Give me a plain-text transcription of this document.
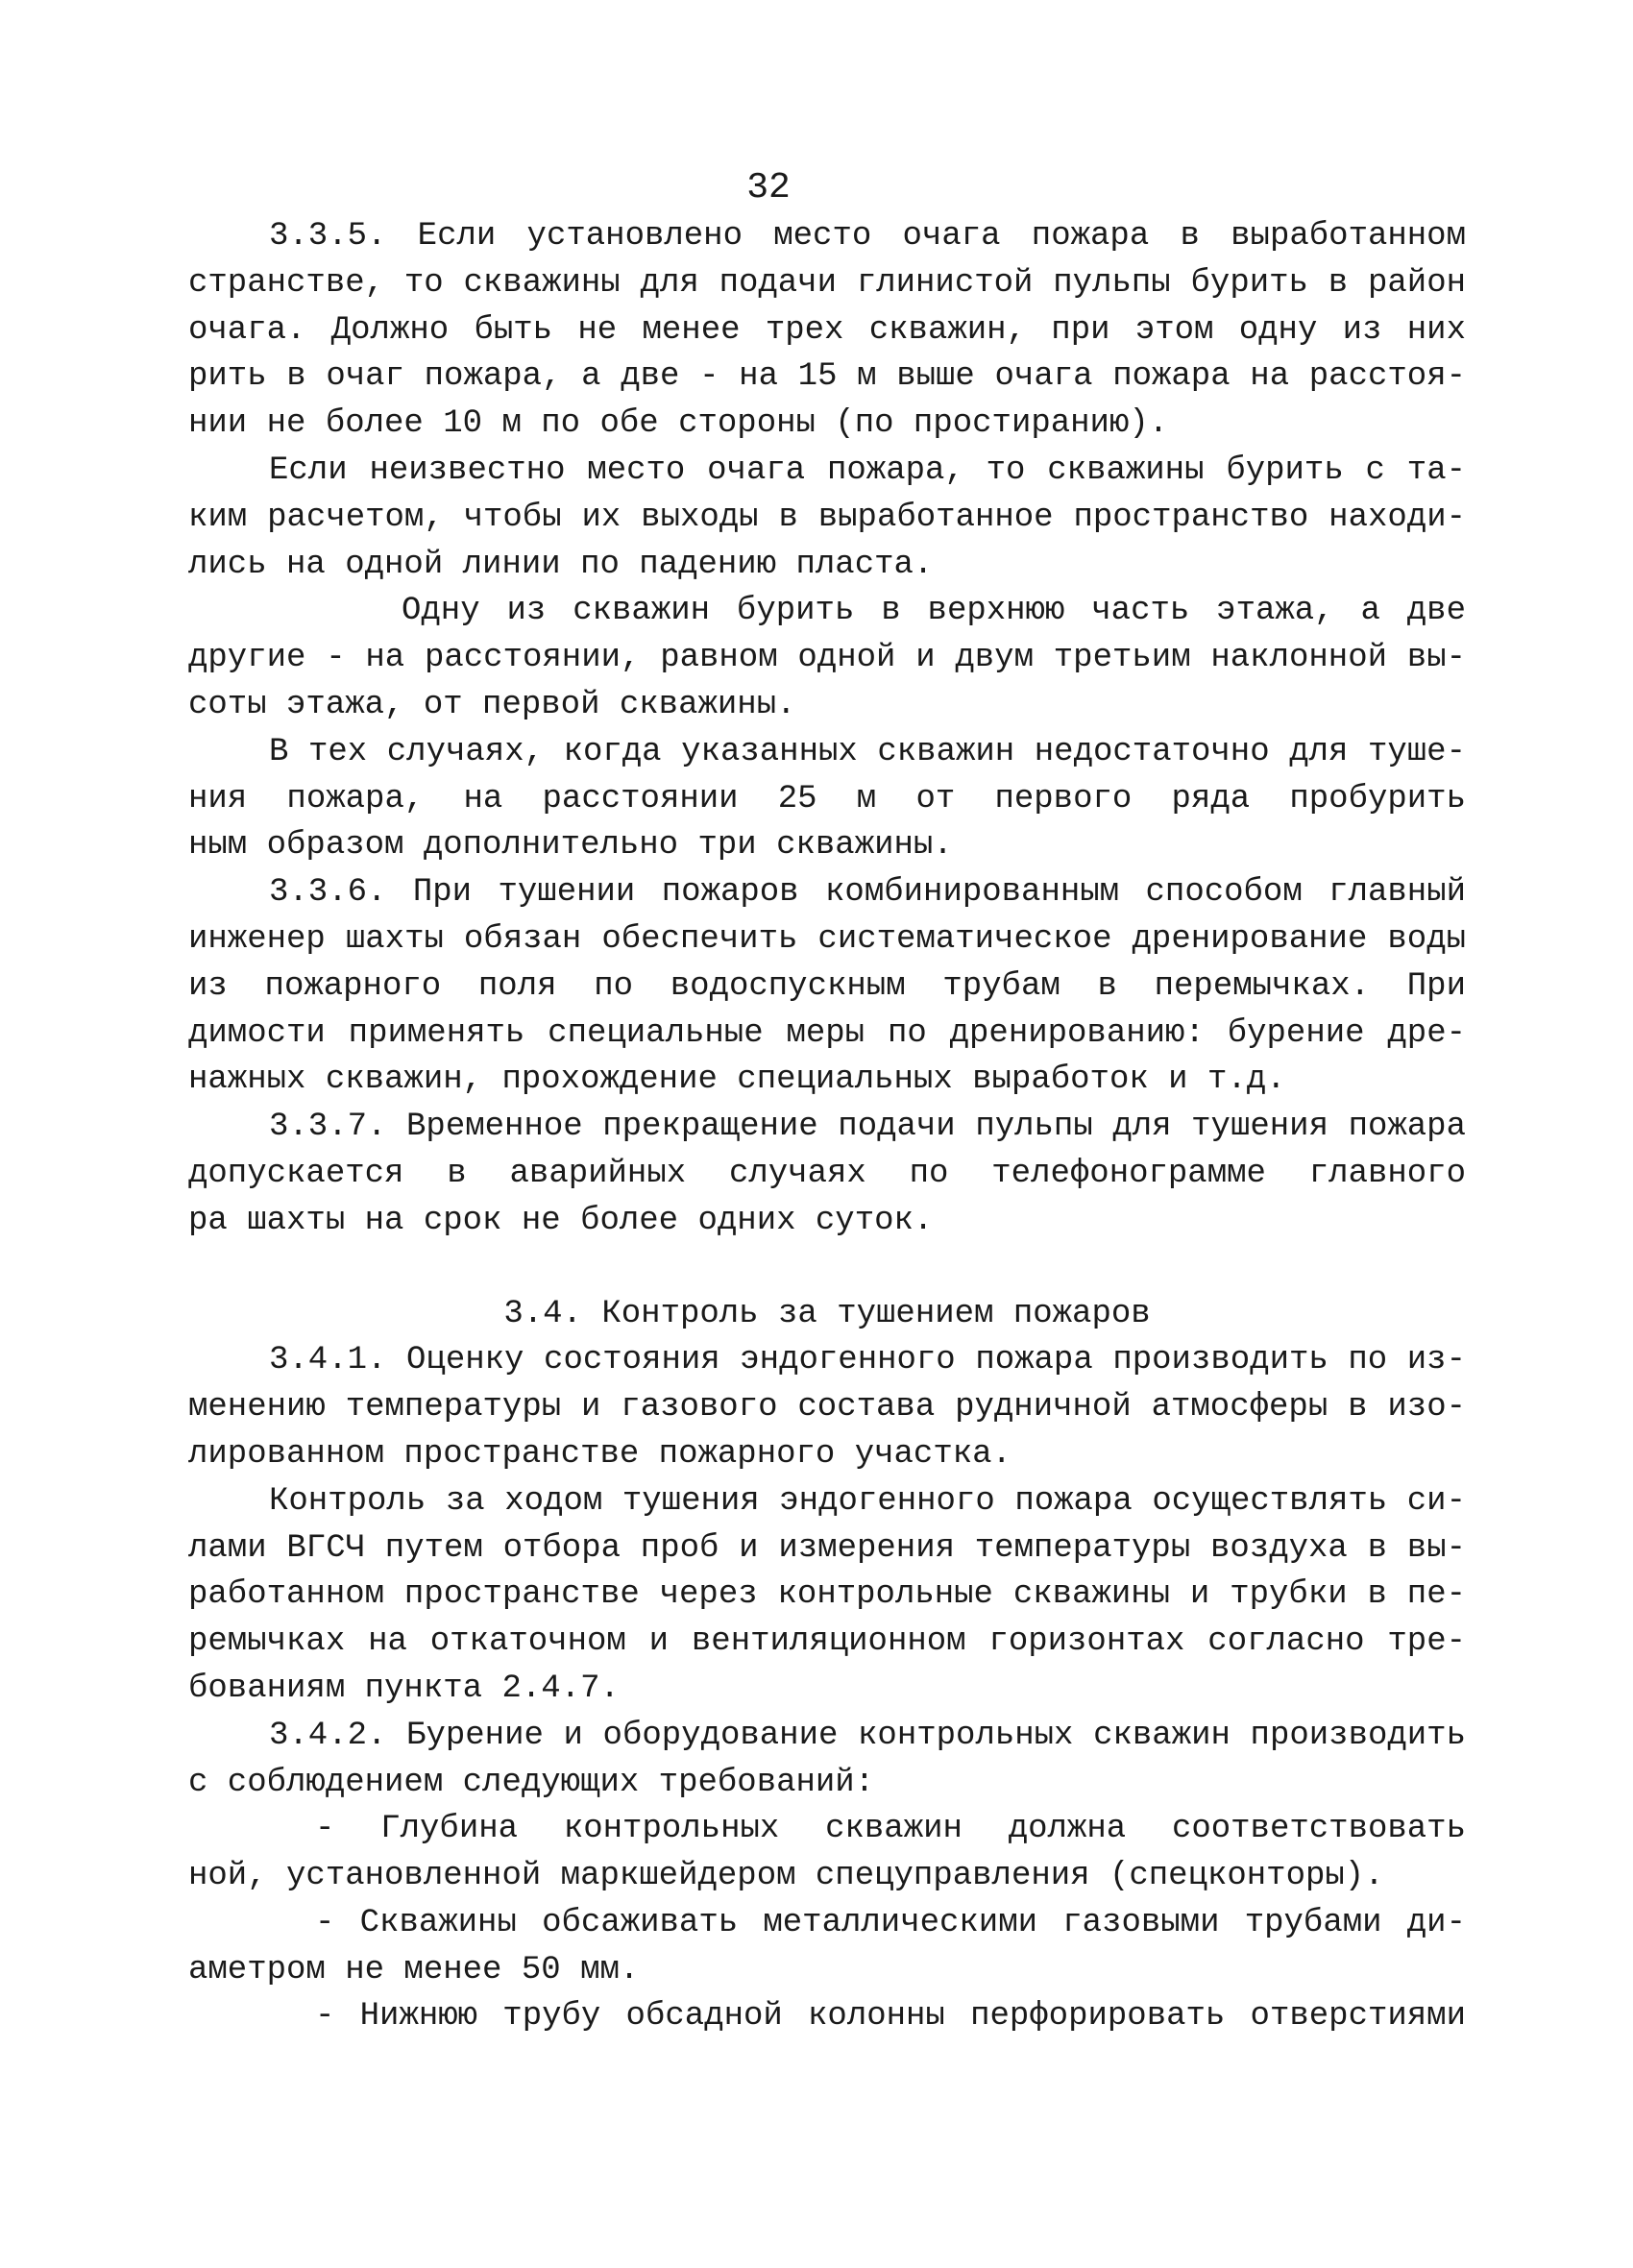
32
3.3.5. Если установлено место очага пожара в выработанном
странстве, то скважины для подачи глинистой пульпы бурить в район
очага. Должно быть не менее трех скважин, при этом одну из них
рить в очаг пожара, а две - на 15 м выше очага пожара на расстоя-
нии не более 10 м по обе стороны (по простиранию).
Если неизвестно место очага пожара, то скважины бурить с та-
ким расчетом, чтобы их выходы в выработанное пространство находи-
лись на одной линии по падению пласта.
Одну из скважин бурить в верхнюю часть этажа, а две
другие - на расстоянии, равном одной и двум третьим наклонной вы-
соты этажа, от первой скважины.
В тех случаях, когда указанных скважин недостаточно для туше-
ния пожара, на расстоянии 25 м от первого ряда пробурить
ным образом дополнительно три скважины.
3.3.6. При тушении пожаров комбинированным способом главный
инженер шахты обязан обеспечить систематическое дренирование воды
из пожарного поля по водоспускным трубам в перемычках. При
димости применять специальные меры по дренированию: бурение дре-
нажных скважин, прохождение специальных выработок и т.д.
3.3.7. Временное прекращение подачи пульпы для тушения пожара
допускается в аварийных случаях по телефонограмме главного
ра шахты на срок не более одних суток.
3.4. Контроль за тушением пожаров
3.4.1. Оценку состояния эндогенного пожара производить по из-
менению температуры и газового состава рудничной атмосферы в изо-
лированном пространстве пожарного участка.
Контроль за ходом тушения эндогенного пожара осуществлять си-
лами ВГСЧ путем отбора проб и измерения температуры воздуха в вы-
работанном пространстве через контрольные скважины и трубки в пе-
ремычках на откаточном и вентиляционном горизонтах согласно тре-
бованиям пункта 2.4.7.
3.4.2. Бурение и оборудование контрольных скважин производить
с соблюдением следующих требований:
- Глубина контрольных скважин должна соответствовать
ной, установленной маркшейдером спецуправления (спецконторы).
- Скважины обсаживать металлическими газовыми трубами ди-
аметром не менее 50 мм.
- Нижнюю трубу обсадной колонны перфорировать отверстиями
